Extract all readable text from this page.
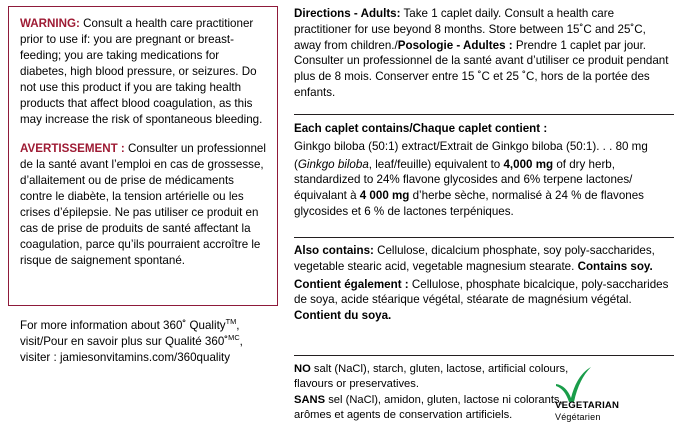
WARNING: Consult a health care practitioner prior to use if: you are pregnant or breast-feeding; you are taking medications for diabetes, high blood pressure, or seizures. Do not use this product if you are taking health products that affect blood coagulation, as this may increase the risk of spontaneous bleeding.

AVERTISSEMENT : Consulter un professionnel de la santé avant l’emploi en cas de grossesse, d’allaitement ou de prise de médicaments contre le diabète, la tension artérielle ou les crises d’épilepsie. Ne pas utiliser ce produit en cas de prise de produits de santé affectant la coagulation, parce qu’ils pourraient accroître le risque de saignement spontané.

For more information about 360˚ Quality™,
visit/Pour en savoir plus sur Qualité 360˚$^{MC}$,
visiter : jamiesonvitamins.com/360quality

Directions - Adults: Take 1 caplet daily. Consult a health care practitioner for use beyond 8 months. Store between 15˚C and 25˚C, away from children./Posologie - Adultes : Prendre 1 caplet par jour. Consulter un professionnel de la santé avant d’utiliser ce produit pendant plus de 8 mois. Conserver entre 15 ˚C et 25 ˚C, hors de la portée des enfants.

Each caplet contains/Chaque caplet contient :

Ginkgo biloba (50:1) extract/Extrait de Ginkgo biloba (50:1). . . 80 mg

(Ginkgo biloba, leaf/feuille) equivalent to 4,000 mg of dry herb, standardized to 24% flavone glycosides and 6% terpene lactones/équivalant à 4 000 mg d’herbe sèche, normalisé à 24 % de flavones glycosides et 6 % de lactones terpéniques.

Also contains: Cellulose, dicalcium phosphate, soy poly-saccharides, vegetable stearic acid, vegetable magnesium stearate. Contains soy.

Contient également : Cellulose, phosphate bicalcique, poly-saccharides de soya, acide stéarique végétal, stéarate de magnésium végétal. Contient du soya.

NO salt (NaCl), starch, gluten, lactose, artificial colours, flavours or preservatives.

SANS sel (NaCl), amidon, gluten, lactose ni colorants, arômes et agents de conservation artificiels.

VEGETARIAN
Végétarien
